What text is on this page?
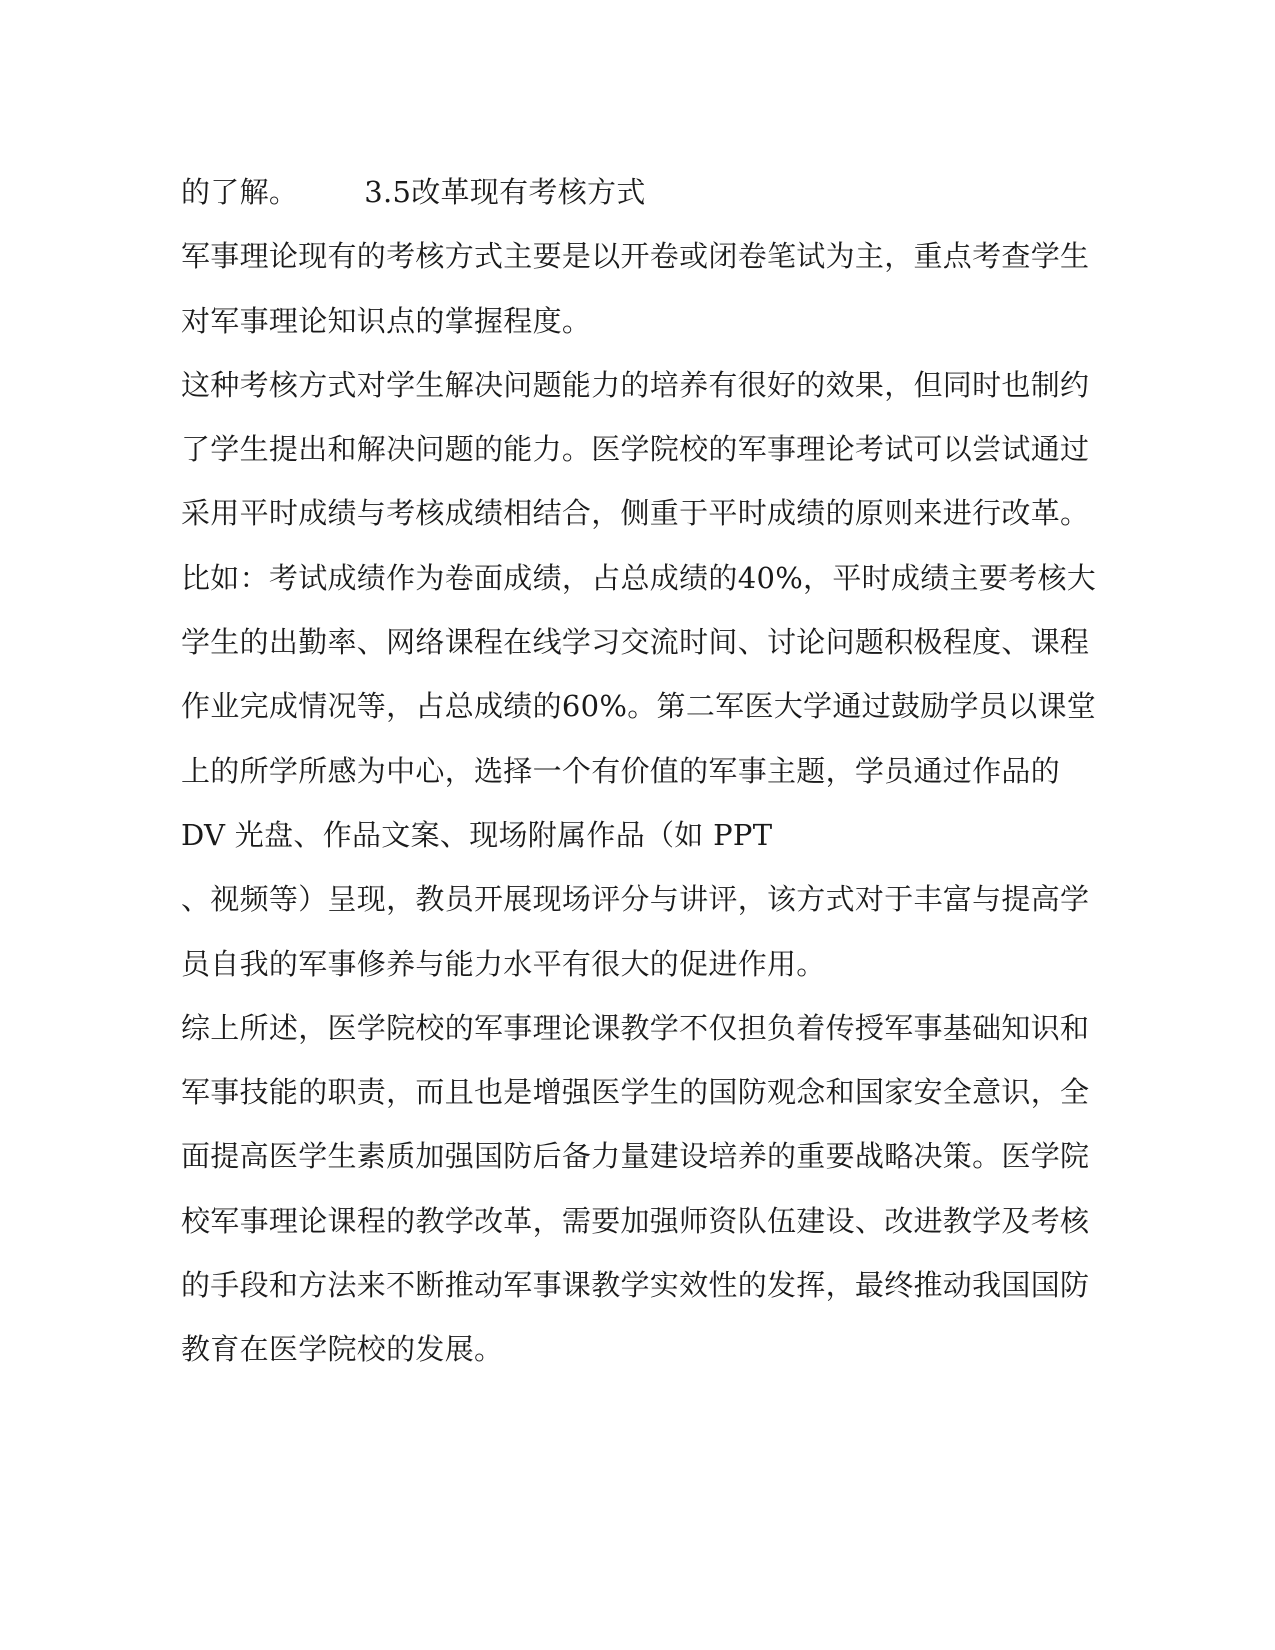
的了解。 3.5改革现有考核方式
军事理论现有的考核方式主要是以开卷或闭卷笔试为主，重点考查学生
对军事理论知识点的掌握程度。
这种考核方式对学生解决问题能力的培养有很好的效果，但同时也制约
了学生提出和解决问题的能力。医学院校的军事理论考试可以尝试通过
采用平时成绩与考核成绩相结合，侧重于平时成绩的原则来进行改革。
比如：考试成绩作为卷面成绩，占总成绩的40%，平时成绩主要考核大
学生的出勤率、网络课程在线学习交流时间、讨论问题积极程度、课程
作业完成情况等，占总成绩的60%。第二军医大学通过鼓励学员以课堂
上的所学所感为中心，选择一个有价值的军事主题，学员通过作品的
DV 光盘、作品文案、现场附属作品（如 PPT
、视频等）呈现，教员开展现场评分与讲评，该方式对于丰富与提高学
员自我的军事修养与能力水平有很大的促进作用。
综上所述，医学院校的军事理论课教学不仅担负着传授军事基础知识和
军事技能的职责，而且也是增强医学生的国防观念和国家安全意识，全
面提高医学生素质加强国防后备力量建设培养的重要战略决策。医学院
校军事理论课程的教学改革，需要加强师资队伍建设、改进教学及考核
的手段和方法来不断推动军事课教学实效性的发挥，最终推动我国国防
教育在医学院校的发展。
